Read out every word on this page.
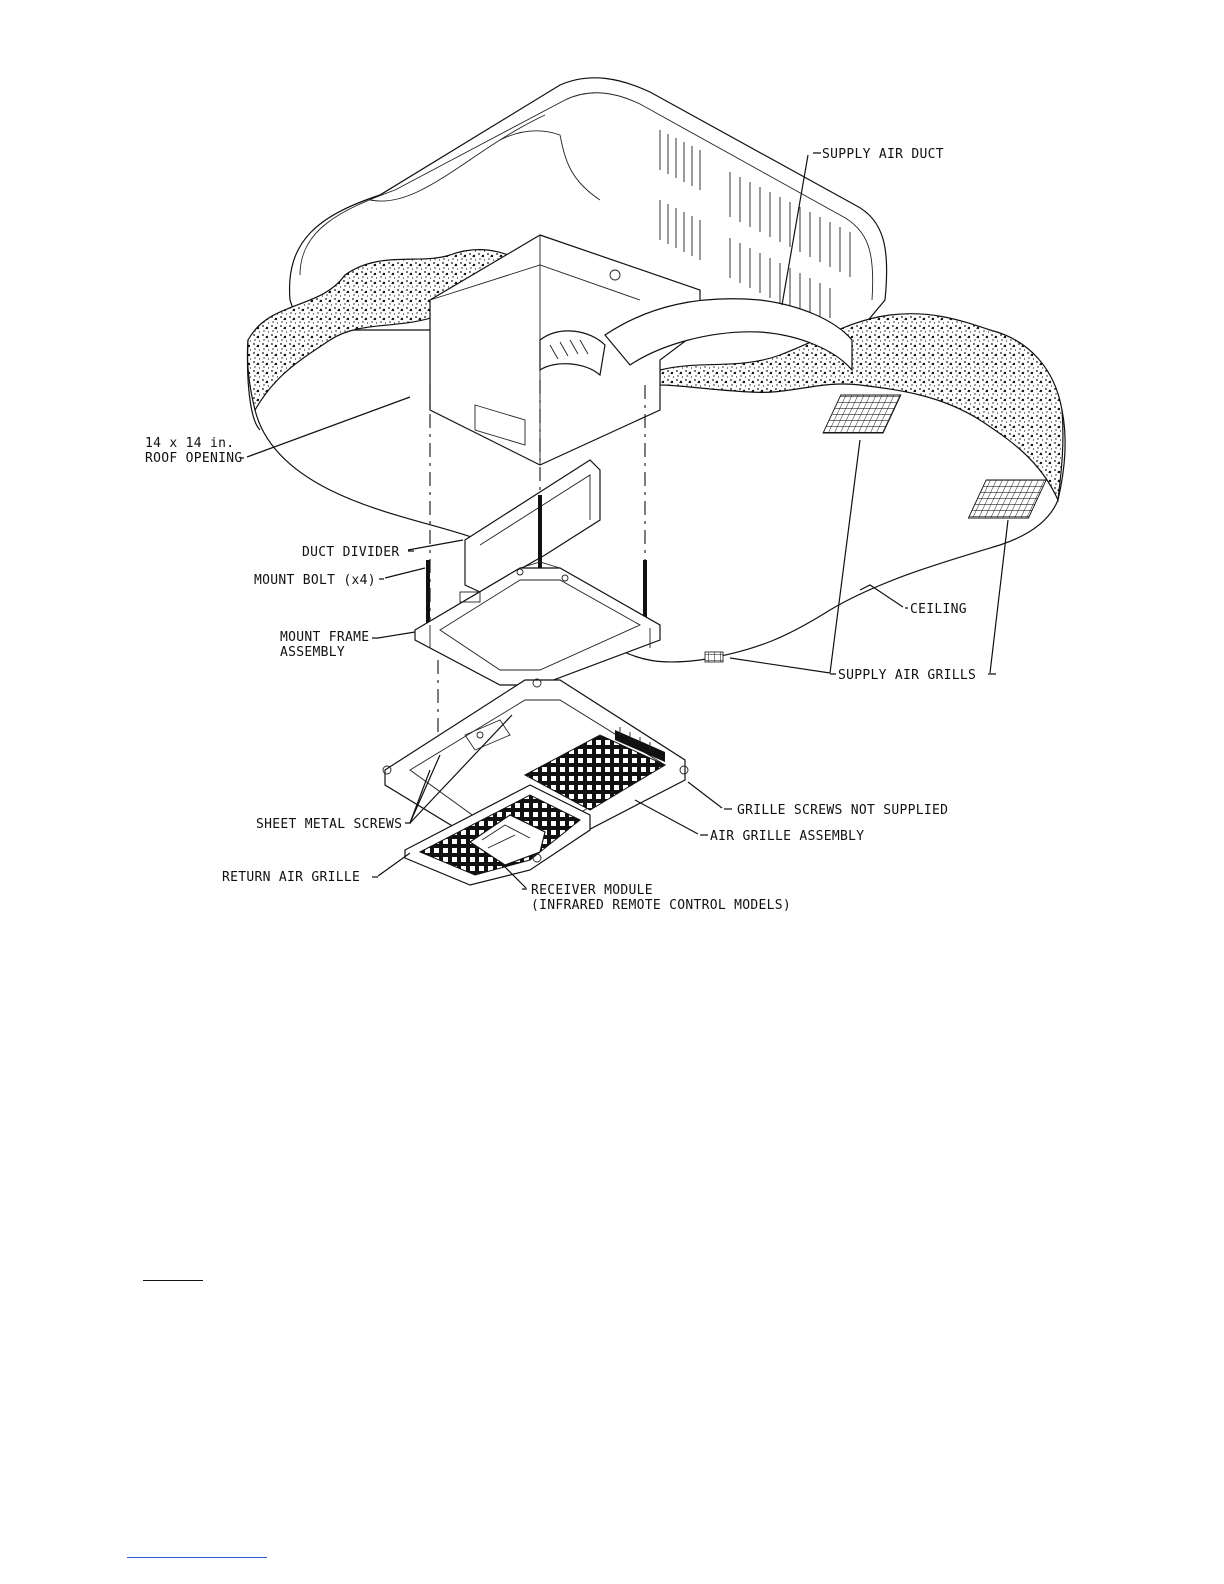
SUPPLY AIR DUCT
14 x 14 in.
ROOF OPENING
DUCT DIVIDER
MOUNT BOLT (x4)
MOUNT FRAME
ASSEMBLY
CEILING
SUPPLY AIR GRILLS
GRILLE SCREWS NOT SUPPLIED
SHEET METAL SCREWS
AIR GRILLE ASSEMBLY
RETURN AIR GRILLE
RECEIVER MODULE
(INFRARED REMOTE CONTROL MODELS)
